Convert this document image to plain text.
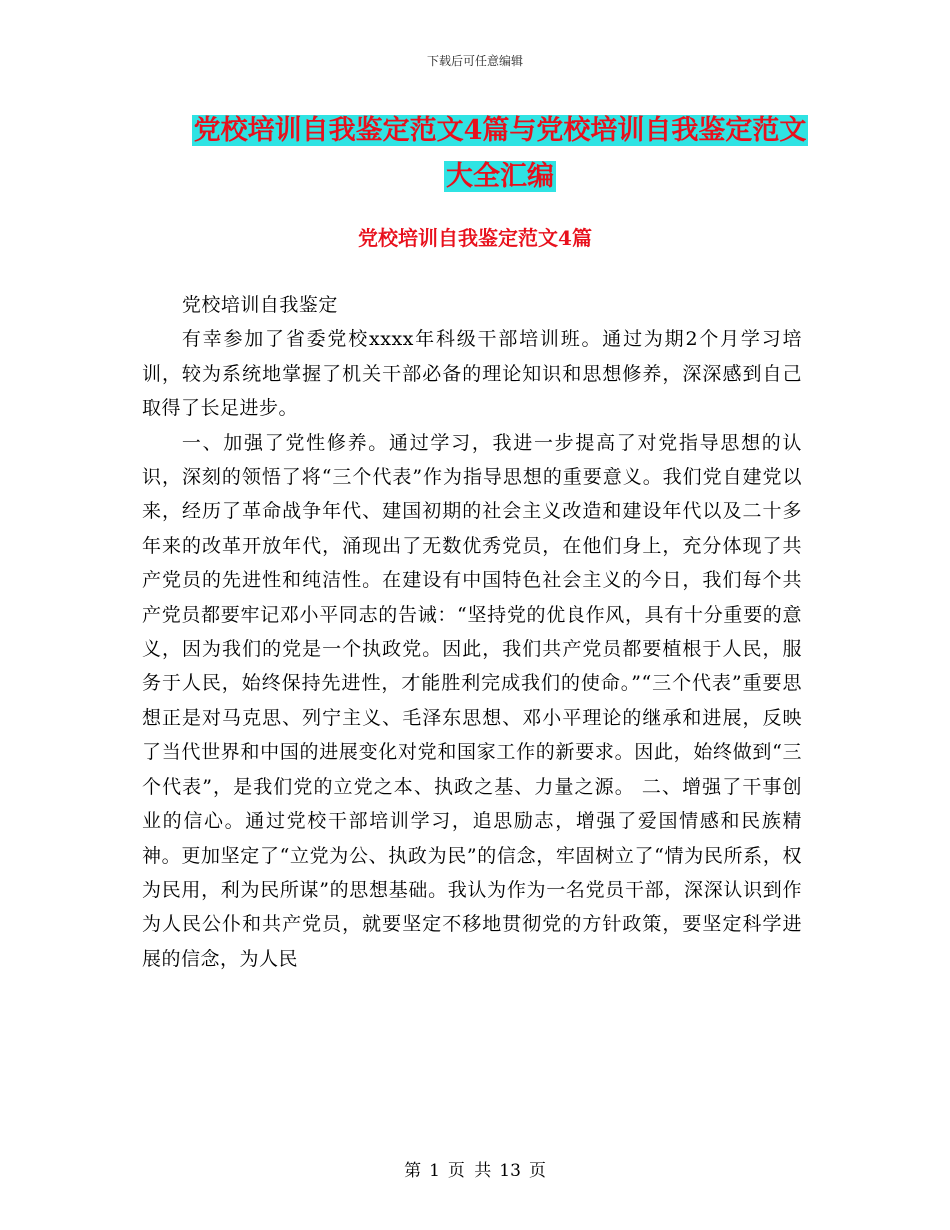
下载后可任意编辑
党校培训自我鉴定范文4篇与党校培训自我鉴定范文
大全汇编
党校培训自我鉴定范文4篇

党校培训自我鉴定

有幸参加了省委党校xxxx年科级干部培训班。通过为期2个月学习培训，较为系统地掌握了机关干部必备的理论知识和思想修养，深深感到自己取得了长足进步。

一、加强了党性修养。通过学习，我进一步提高了对党指导思想的认识，深刻的领悟了将“三个代表”作为指导思想的重要意义。我们党自建党以来，经历了革命战争年代、建国初期的社会主义改造和建设年代以及二十多年来的改革开放年代，涌现出了无数优秀党员，在他们身上，充分体现了共产党员的先进性和纯洁性。在建设有中国特色社会主义的今日，我们每个共产党员都要牢记邓小平同志的告诫：“坚持党的优良作风，具有十分重要的意义，因为我们的党是一个执政党。因此，我们共产党员都要植根于人民，服务于人民，始终保持先进性，才能胜利完成我们的使命。”“三个代表”重要思想正是对马克思、列宁主义、毛泽东思想、邓小平理论的继承和进展，反映了当代世界和中国的进展变化对党和国家工作的新要求。因此，始终做到“三个代表”，是我们党的立党之本、执政之基、力量之源。 二、增强了干事创业的信心。通过党校干部培训学习，追思励志，增强了爱国情感和民族精神。更加坚定了“立党为公、执政为民”的信念，牢固树立了“情为民所系，权为民用，利为民所谋”的思想基础。我认为作为一名党员干部，深深认识到作为人民公仆和共产党员，就要坚定不移地贯彻党的方针政策，要坚定科学进展的信念，为人民

第 1 页 共 13 页
